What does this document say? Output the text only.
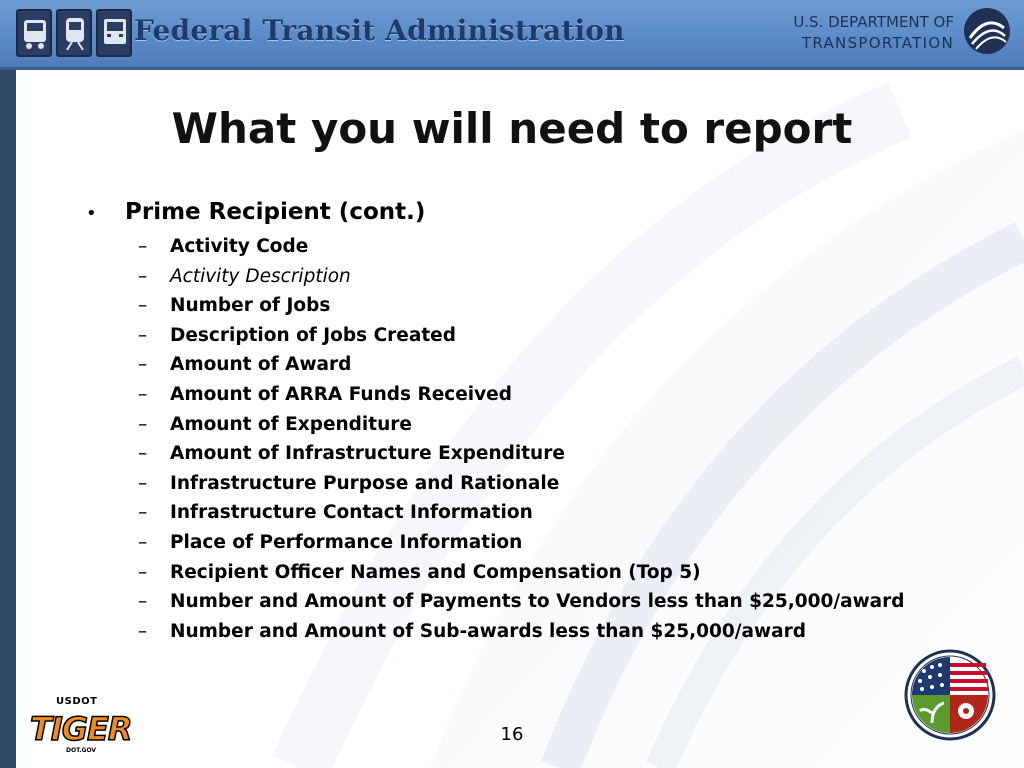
Federal Transit Administration	U.S. DEPARTMENT OF
TRANSPORTATION
What you will need to report
• Prime Recipient (cont.)
– Activity Code
– Activity Description
– Number of Jobs
– Description of Jobs Created
– Amount of Award
– Amount of ARRA Funds Received
– Amount of Expenditure
– Amount of Infrastructure Expenditure
– Infrastructure Purpose and Rationale
– Infrastructure Contact Information
– Place of Performance Information
– Recipient Officer Names and Compensation (Top 5)
– Number and Amount of Payments to Vendors less than $25,000/award
– Number and Amount of Sub-awards less than $25,000/award
16
USDOT
TIGER
DOT.GOV
